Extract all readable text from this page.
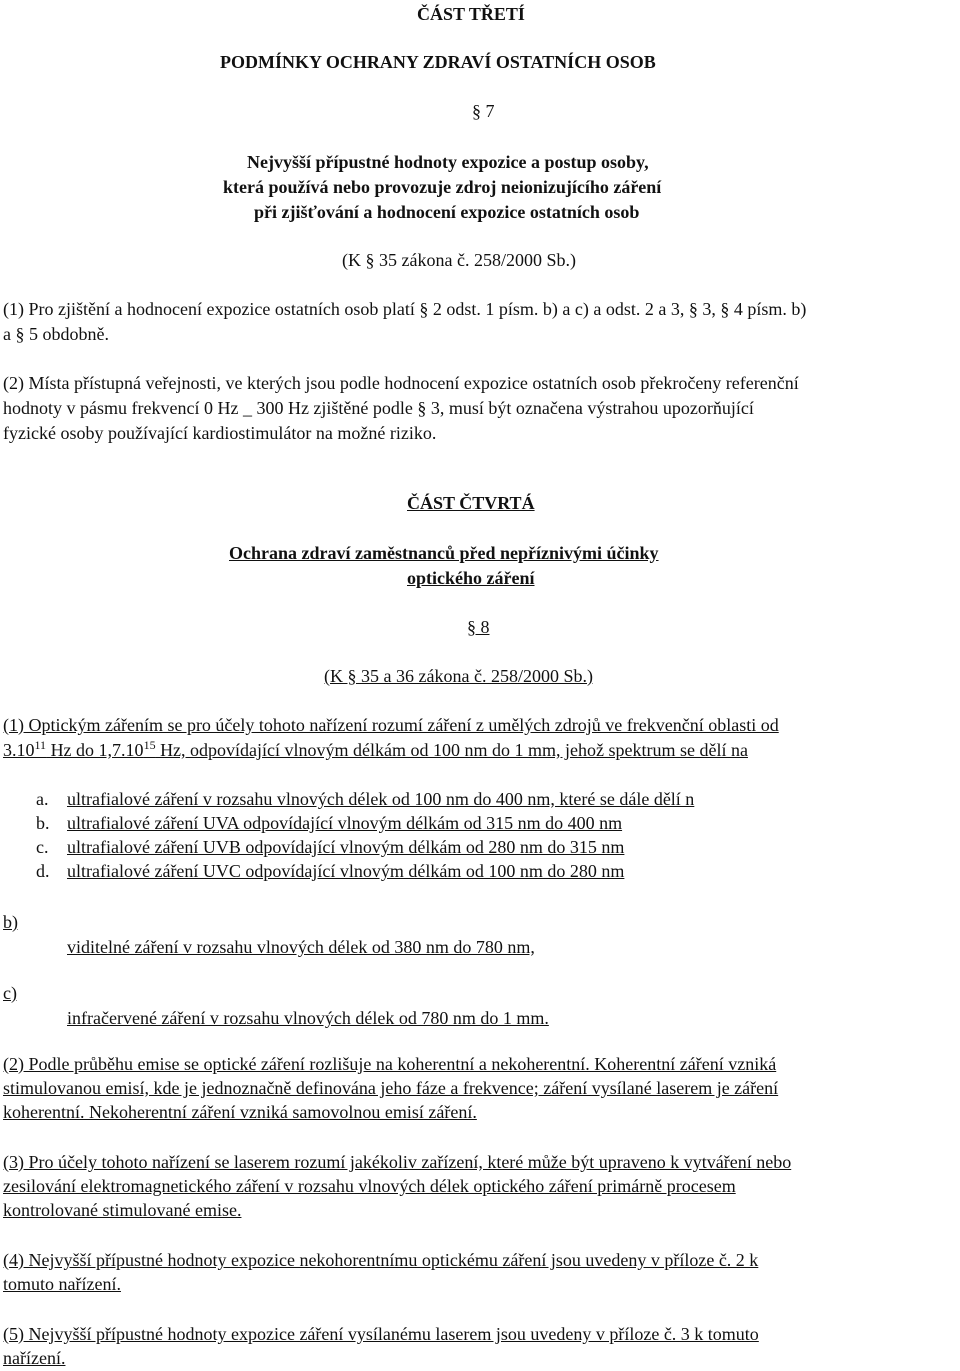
ČÁST TŘETÍ
PODMÍNKY OCHRANY ZDRAVÍ OSTATNÍCH OSOB
§ 7
Nejvyšší přípustné hodnoty expozice a postup osoby,
která používá nebo provozuje zdroj neionizujícího záření
při zjišťování a hodnocení expozice ostatních osob
(K § 35 zákona č. 258/2000 Sb.)
(1) Pro zjištění a hodnocení expozice ostatních osob platí § 2 odst. 1 písm. b) a c) a odst. 2 a 3, § 3, § 4 písm. b)
a § 5 obdobně.
(2) Místa přístupná veřejnosti, ve kterých jsou podle hodnocení expozice ostatních osob překročeny referenční
hodnoty v pásmu frekvencí 0 Hz _ 300 Hz zjištěné podle § 3, musí být označena výstrahou upozorňující
fyzické osoby používající kardiostimulátor na možné riziko.
ČÁST ČTVRTÁ
Ochrana zdraví zaměstnanců před nepříznivými účinky
optického záření
§ 8
(K § 35 a 36 zákona č. 258/2000 Sb.)
(1) Optickým zářením se pro účely tohoto nařízení rozumí záření z umělých zdrojů ve frekvenční oblasti od
3.10$^{11}$ Hz do 1,7.10$^{15}$ Hz, odpovídající vlnovým délkám od 100 nm do 1 mm, jehož spektrum se dělí na
a. ultrafialové záření v rozsahu vlnových délek od 100 nm do 400 nm, které se dále dělí n
b. ultrafialové záření UVA odpovídající vlnovým délkám od 315 nm do 400 nm
c. ultrafialové záření UVB odpovídající vlnovým délkám od 280 nm do 315 nm
d. ultrafialové záření UVC odpovídající vlnovým délkám od 100 nm do 280 nm
b)
viditelné záření v rozsahu vlnových délek od 380 nm do 780 nm,
c)
infračervené záření v rozsahu vlnových délek od 780 nm do 1 mm.
(2) Podle průběhu emise se optické záření rozlišuje na koherentní a nekoherentní. Koherentní záření vzniká
stimulovanou emisí, kde je jednoznačně definována jeho fáze a frekvence; záření vysílané laserem je záření
koherentní. Nekoherentní záření vzniká samovolnou emisí záření.
(3) Pro účely tohoto nařízení se laserem rozumí jakékoliv zařízení, které může být upraveno k vytváření nebo
zesilování elektromagnetického záření v rozsahu vlnových délek optického záření primárně procesem
kontrolované stimulované emise.
(4) Nejvyšší přípustné hodnoty expozice nekohorentnímu optickému záření jsou uvedeny v příloze č. 2 k
tomuto nařízení.
(5) Nejvyšší přípustné hodnoty expozice záření vysílanému laserem jsou uvedeny v příloze č. 3 k tomuto
nařízení.
